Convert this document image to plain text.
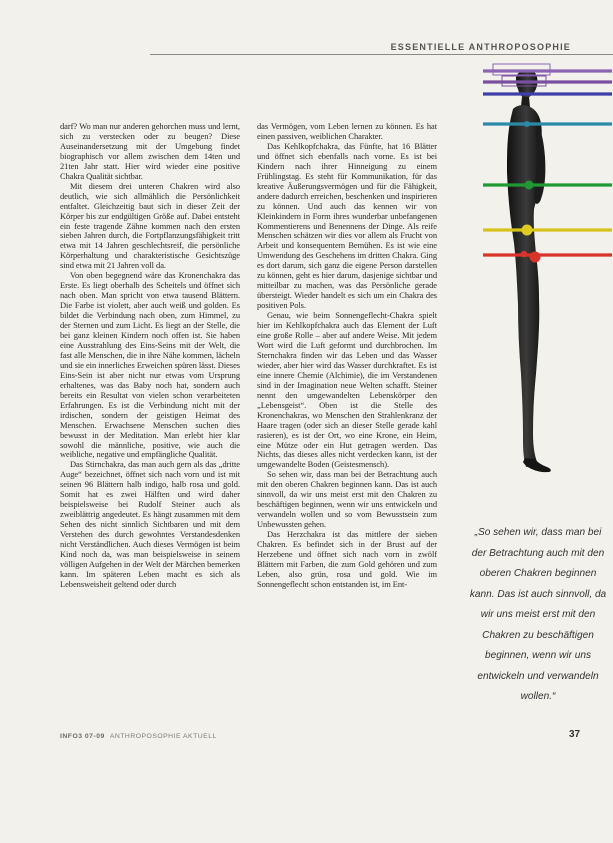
ESSENTIELLE ANTHROPOSOPHIE

darf? Wo man nur anderen gehorchen muss und lernt, sich zu verstecken oder zu beugen? Diese Auseinandersetzung mit der Umgebung findet biographisch vor allem zwischen dem 14ten und 21ten Jahr statt. Hier wird wieder eine positive Chakra Qualität sichtbar.

Mit diesem drei unteren Chakren wird also deutlich, wie sich allmählich die Persönlichkeit entfaltet. Gleichzeitig baut sich in dieser Zeit der Körper bis zur endgültigen Größe auf. Dabei entsteht ein feste tragende Zähne kommen nach den ersten sieben Jahren durch, die Fortpflanzungsfähigkeit tritt etwa mit 14 Jahren geschlechtsreif, die persönliche Körperhaltung und charakteristische Gesichtszüge sind etwa mit 21 Jahren voll da.

Von oben begegnend wäre das Kronenchakra das Erste. Es liegt oberhalb des Scheitels und öffnet sich nach oben. Man spricht von etwa tausend Blättern. Die Farbe ist violett, aber auch weiß und golden. Es bildet die Verbindung nach oben, zum Himmel, zu der Sternen und zum Licht. Es liegt an der Stelle, die bei ganz kleinen Kindern noch offen ist. Sie haben eine Ausstrahlung des Eins-Seins mit der Welt, die fast alle Menschen, die in ihre Nähe kommen, lächeln und sie ein innerliches Erweichen spüren lässt. Dieses Eins-Sein ist aber nicht nur etwas vom Ursprung erhaltenes, was das Baby noch hat, sondern auch bereits ein Resultat von vielen schon verarbeiteten Erfahrungen. Es ist die Verbindung nicht mit der irdischen, sondern der geistigen Heimat des Menschen. Erwachsene Menschen suchen dies bewusst in der Meditation. Man erlebt hier klar sowohl die männliche, positive, wie auch die weibliche, negative und empfängliche Qualität.

Das Stirnchakra, das man auch gern als das „dritte Auge“ bezeichnet, öffnet sich nach vorn und ist mit seinen 96 Blättern halb indigo, halb rosa und gold. Somit hat es zwei Hälften und wird daher beispielsweise bei Rudolf Steiner auch als zweiblättrig angedeutet. Es hängt zusammen mit dem Sehen des nicht sinnlich Sichtbaren und mit dem Verstehen des durch gewohntes Verstandesdenken nicht Verständlichen. Auch dieses Vermögen ist beim Kind noch da, was man beispielsweise in seinem völligen Aufgehen in der Welt der Märchen bemerken kann. Im späteren Leben macht es sich als Lebensweisheit geltend oder durch

das Vermögen, vom Leben lernen zu können. Es hat einen passiven, weiblichen Charakter.

Das Kehlkopfchakra, das Fünfte, hat 16 Blätter und öffnet sich ebenfalls nach vorne. Es ist bei Kindern nach ihrer Hinneigung zu einem Frühlingstag. Es steht für Kommunikation, für das kreative Äußerungsvermögen und für die Fähigkeit, andere dadurch erreichen, beschenken und inspirieren zu können. Und auch das kennen wir von Kleinkindern in Form ihres wunderbar unbefangenen Kommentierens und Benennens der Dinge. Als reife Menschen schätzen wir dies vor allem als Frucht von Arbeit und konsequentem Bemühen. Es ist wie eine Umwendung des Geschehens im dritten Chakra. Ging es dort darum, sich ganz die eigene Person darstellen zu können, geht es hier darum, dasjenige sichtbar und mitteilbar zu machen, was das Persönliche gerade übersteigt. Wieder handelt es sich um ein Chakra des positiven Pols.

Genau, wie beim Sonnengeflecht-Chakra spielt hier im Kehlkopfchakra auch das Element der Luft eine große Rolle – aber auf andere Weise. Mit jedem Wort wird die Luft geformt und durchbrochen. Im Sternchakra finden wir das Leben und das Wasser wieder, aber hier wird das Wasser durchkraftet. Es ist eine innere Chemie (Alchimie), die im Verstandenen sind in der Imagination neue Welten schafft. Steiner nennt den umgewandelten Lebenskörper den „Lebensgeist“. Oben ist die Stelle des Kronenchakras, wo Menschen den Strahlenkranz der Haare tragen (oder sich an dieser Stelle gerade kahl rasieren), es ist der Ort, wo eine Krone, ein Heim, eine Mütze oder ein Hut getragen werden. Das Nichts, das dieses alles nicht verdecken kann, ist der umgewandelte Boden (Geistesmensch).

So sehen wir, dass man bei der Betrachtung auch mit den oberen Chakren beginnen kann. Das ist auch sinnvoll, da wir uns meist erst mit den Chakren zu beschäftigen beginnen, wenn wir uns entwickeln und verwandeln wollen und so vom Bewusstsein zum Unbewussten gehen.

Das Herzchakra ist das mittlere der sieben Chakren. Es befindet sich in der Brust auf der Herzebene und öffnet sich nach vorn in zwölf Blättern mit Farben, die zum Gold gehören und zum Leben, also grün, rosa und gold. Wie im Sonnengeflecht schon entstanden ist, im Ent-

„So sehen wir, dass man bei der Betrachtung auch mit den oberen Chakren beginnen kann. Das ist auch sinnvoll, da wir uns meist erst mit den Chakren zu beschäftigen beginnen, wenn wir uns entwickeln und verwandeln wollen.“
INFO3 07-09 ANTHROPOSOPHIE AKTUELL	37
